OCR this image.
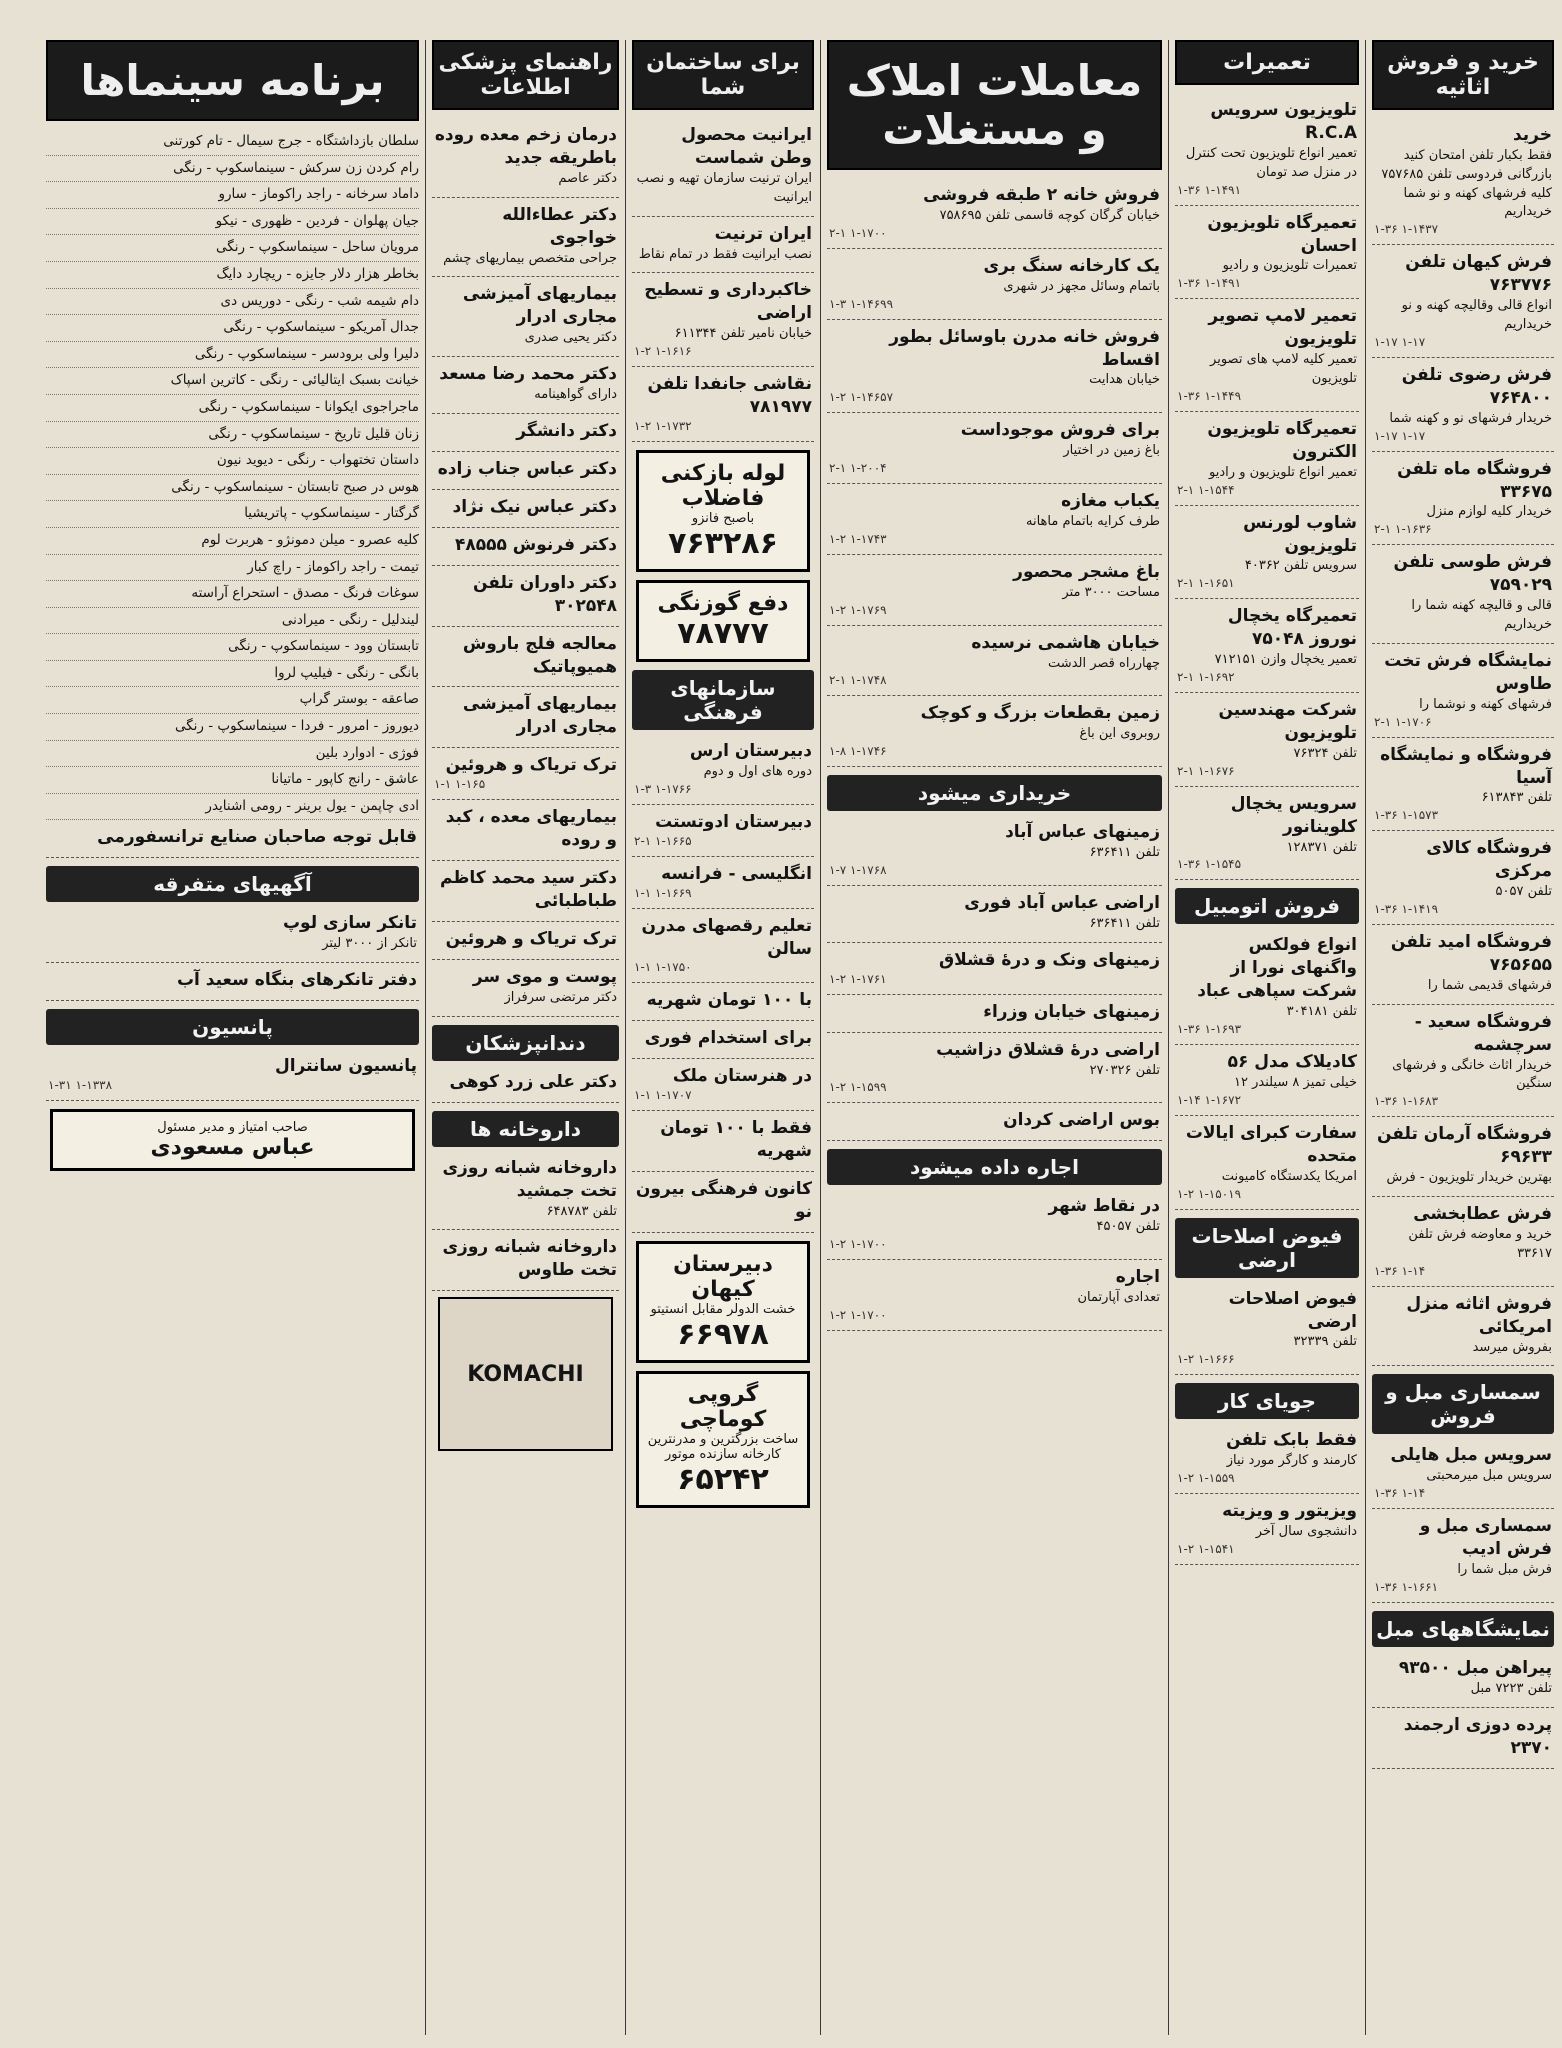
خرید و فروش اثاثیه
خرید
فقط بکبار تلفن امتحان کنید بازرگانی فردوسی تلفن ۷۵۷۶۸۵ کلیه فرشهای کهنه و نو شما خریداریم
۱-۳۶ ۱-۱۴۳۷
فرش کیهان تلفن ۷۶۳۷۷۶
انواع قالی وقالیچه کهنه و نو خریداریم
۱-۱۷ ۱-۱۷
فرش رضوی تلفن ۷۶۴۸۰۰
خریدار فرشهای نو و کهنه شما
۱-۱۷ ۱-۱۷
فروشگاه ماه تلفن ۳۳۶۷۵
خریدار کلیه لوازم منزل
۲-۱ ۱-۱۶۳۶
فرش طوسی تلفن ۷۵۹۰۲۹
قالی و قالیچه کهنه شما را خریداریم
نمایشگاه فرش تخت طاوس
فرشهای کهنه و نوشما را
۲-۱ ۱-۱۷۰۶
فروشگاه و نمایشگاه آسیا
تلفن ۶۱۳۸۴۳
۱-۳۶ ۱-۱۵۷۳
فروشگاه کالای مرکزی
تلفن ۵۰۵۷
۱-۳۶ ۱-۱۴۱۹
فروشگاه امید تلفن ۷۶۵۶۵۵
فرشهای قدیمی شما را
فروشگاه سعید - سرچشمه
خریدار اثاث خانگی و فرشهای سنگین
۱-۳۶ ۱-۱۶۸۳
فروشگاه آرمان تلفن ۶۹۶۳۳
بهترین خریدار تلویزیون - فرش
فرش عطابخشی
خرید و معاوضه فرش تلفن ۳۳۶۱۷
۱-۳۶ ۱-۱۴
فروش اثاثه منزل امریکائی
بفروش میرسد
سمساری مبل و فروش
سرویس مبل هایلی
سرویس مبل میرمحبتی
۱-۳۶ ۱-۱۴
سمساری مبل و فرش ادیب
فرش مبل شما را
۱-۳۶ ۱-۱۶۶۱
نمایشگاههای مبل
پیراهن مبل ۹۳۵۰۰
تلفن ۷۲۲۳ مبل
پرده دوزی ارجمند ۲۳۷۰
تعمیرات
تلویزیون سرویس R.C.A
تعمیر انواع تلویزیون تحت کنترل در منزل صد تومان
۱-۳۶ ۱-۱۴۹۱
تعمیرگاه تلویزیون احسان
تعمیرات تلویزیون و رادیو
۱-۳۶ ۱-۱۴۹۱
تعمیر لامپ تصویر تلویزیون
تعمیر کلیه لامپ های تصویر تلویزیون
۱-۳۶ ۱-۱۴۴۹
تعمیرگاه تلویزیون الکترون
تعمیر انواع تلویزیون و رادیو
۲-۱ ۱-۱۵۴۴
شاوب لورنس تلویزیون
سرویس تلفن ۴۰۳۶۲
۲-۱ ۱-۱۶۵۱
تعمیرگاه یخچال نوروز ۷۵۰۴۸
تعمیر یخچال وازن ۷۱۲۱۵۱
۲-۱ ۱-۱۶۹۲
شرکت مهندسین تلویزیون
تلفن ۷۶۳۲۴
۲-۱ ۱-۱۶۷۶
سرویس یخچال کلوینانور
تلفن ۱۲۸۳۷۱
۱-۳۶ ۱-۱۵۴۵
فروش اتومبیل
انواع فولکس واگنهای نورا از شرکت سپاهی عباد
تلفن ۳۰۴۱۸۱
۱-۳۶ ۱-۱۶۹۳
کادیلاک مدل ۵۶
خیلی تمیز ۸ سیلندر ۱۲
۱-۱۴ ۱-۱۶۷۲
سفارت کبرای ایالات متحده
امریکا یکدستگاه کامیونت
۱-۲ ۱-۱۵۰۱۹
فیوض اصلاحات ارضی
فیوض اصلاحات ارضی
تلفن ۳۲۳۳۹
۱-۲ ۱-۱۶۶۶
جویای کار
فقط بابک تلفن
کارمند و کارگر مورد نیاز
۱-۲ ۱-۱۵۵۹
ویزیتور و ویزیته
دانشجوی سال آخر
۱-۲ ۱-۱۵۴۱
معاملات املاک و مستغلات
فروش خانه ۲ طبقه فروشی
خیابان گرگان کوچه قاسمی تلفن ۷۵۸۶۹۵
۲-۱ ۱-۱۷۰۰
یک کارخانه سنگ بری
باتمام وسائل مجهز در شهری
۱-۳ ۱-۱۴۶۹۹
فروش خانه مدرن باوسائل بطور اقساط
خیابان هدایت
۱-۲ ۱-۱۴۶۵۷
برای فروش موجوداست
باغ زمین در اختیار
۲-۱ ۱-۲۰۰۴
یکباب مغازه
طرف کرایه باتمام ماهانه
۱-۲ ۱-۱۷۴۳
باغ مشجر محصور
مساحت ۳۰۰۰ متر
۱-۲ ۱-۱۷۶۹
خیابان هاشمی نرسیده
چهارراه قصر الدشت
۲-۱ ۱-۱۷۴۸
زمین بقطعات بزرگ و کوچک
روبروی این باغ
۱-۸ ۱-۱۷۴۶
خریداری میشود
زمینهای عباس آباد
تلفن ۶۳۶۴۱۱
۱-۷ ۱-۱۷۶۸
اراضی عباس آباد فوری
تلفن ۶۳۶۴۱۱
زمینهای ونک و درهٔ قشلاق
۱-۲ ۱-۱۷۶۱
زمینهای خیابان وزراء
اراضی درهٔ قشلاق دزاشیب
تلفن ۲۷۰۳۲۶
۱-۲ ۱-۱۵۹۹
بوس اراضی کردان
اجاره داده میشود
در نقاط شهر
تلفن ۴۵۰۵۷
۱-۲ ۱-۱۷۰۰
اجاره
تعدادی آپارتمان
۱-۲ ۱-۱۷۰۰
برای ساختمان شما
ایرانیت محصول وطن شماست
ایران ترنیت سازمان تهیه و نصب ایرانیت
ایران ترنیت
نصب ایرانیت فقط در تمام نقاط
خاکبرداری و تسطیح اراضی
خیابان نامیر تلفن ۶۱۱۳۴۴
۱-۲ ۱-۱۶۱۶
نقاشی جانفدا تلفن ۷۸۱۹۷۷
۱-۲ ۱-۱۷۳۲
لوله بازکنی فاضلاب
باصبح فانزو
۷۶۳۲۸۶
دفع گوزنگی
۷۸۷۷۷
سازمانهای فرهنگی
دبیرستان ارس
دوره های اول و دوم
۱-۳ ۱-۱۷۶۶
دبیرستان ادوتستت
۲-۱ ۱-۱۶۶۵
انگلیسی - فرانسه
۱-۱ ۱-۱۶۶۹
تعلیم رقصهای مدرن سالن
۱-۱ ۱-۱۷۵۰
با ۱۰۰ تومان شهریه
برای استخدام فوری
در هنرستان ملک
۱-۱ ۱-۱۷۰۷
فقط با ۱۰۰ تومان شهریه
کانون فرهنگی بیرون نو
دبیرستان کیهان
خشت الدولر مقابل انستیتو
۶۶۹۷۸
گروپی کوماچی
ساخت بزرگترین و مدرنترین کارخانه سازنده موتور
۶۵۲۴۲
راهنمای پزشکی اطلاعات
درمان زخم معده روده باطریقه جدید
دکتر عاصم
دکتر عطاءالله خواجوی
جراحی متخصص بیماریهای چشم
بیماریهای آمیزشی مجاری ادرار
دکتر یحیی صدری
دکتر محمد رضا مسعد
دارای گواهینامه
دکتر دانشگر
دکتر عباس جناب زاده
دکتر عباس نیک نژاد
دکتر فرنوش ۴۸۵۵۵
دکتر داوران تلفن ۳۰۲۵۴۸
معالجه فلج باروش همیوپاتیک
بیماریهای آمیزشی مجاری ادرار
ترک تریاک و هروئین
۱-۱ ۱-۱۶۵
بیماریهای معده ، کبد و روده
دکتر سید محمد کاظم طباطبائی
ترک تریاک و هروئین
پوست و موی سر
دکتر مرتضی سرفراز
دندانپزشکان
دکتر علی زرد کوهی
داروخانه ها
داروخانه شبانه روزی تخت جمشید
تلفن ۶۴۸۷۸۳
داروخانه شبانه روزی تخت طاوس
KOMACHI
برنامه سینماها
سلطان بازداشتگاه - جرج سیمال - تام کورتنی
رام کردن زن سرکش - سینماسکوپ - رنگی
داماد سرخانه - راجد راکوماز - سارو
جیان پهلوان - فردین - ظهوری - نیکو
مرویان ساحل - سینماسکوپ - رنگی
بخاطر هزار دلار جایزه - ریچارد دایگ
دام شیمه شب - رنگی - دوریس دی
جدال آمریکو - سینماسکوپ - رنگی
دلیرا ولی برودسر - سینماسکوپ - رنگی
خیانت بسبک ایتالیائی - رنگی - کاترین اسپاک
ماجراجوی ایکوانا - سینماسکوپ - رنگی
زنان قلیل تاریخ - سینماسکوپ - رنگی
داستان تختهواب - رنگی - دیوید نیون
هوس در صبح تابستان - سینماسکوپ - رنگی
گرگتار - سینماسکوپ - پاتریشیا
کلیه عصرو - میلن دمونژو - هربرت لوم
تیمت - راجد راکوماز - راچ کبار
سوغات فرنگ - مصدق - استحراع آراسته
لیندلیل - رنگی - میرادنی
تابستان وود - سینماسکوپ - رنگی
بانگی - رنگی - فیلیپ لروا
صاعقه - بوستر گراپ
دیوروز - امرور - فردا - سینماسکوپ - رنگی
فوژی - ادوارد بلین
عاشق - رانج کاپور - ماتیانا
ادی چاپمن - یول برینر - رومی اشنایدر
قابل توجه صاحبان صنایع ترانسفورمی
آگهیهای متفرقه
تانکر سازی لوپ
تانکر از ۳۰۰۰ لیتر
دفتر تانکرهای بنگاه سعید آب
پانسیون
پانسیون سانترال
۱-۳۱ ۱-۱۳۳۸
صاحب امتیاز و مدیر مسئول
عباس مسعودی
